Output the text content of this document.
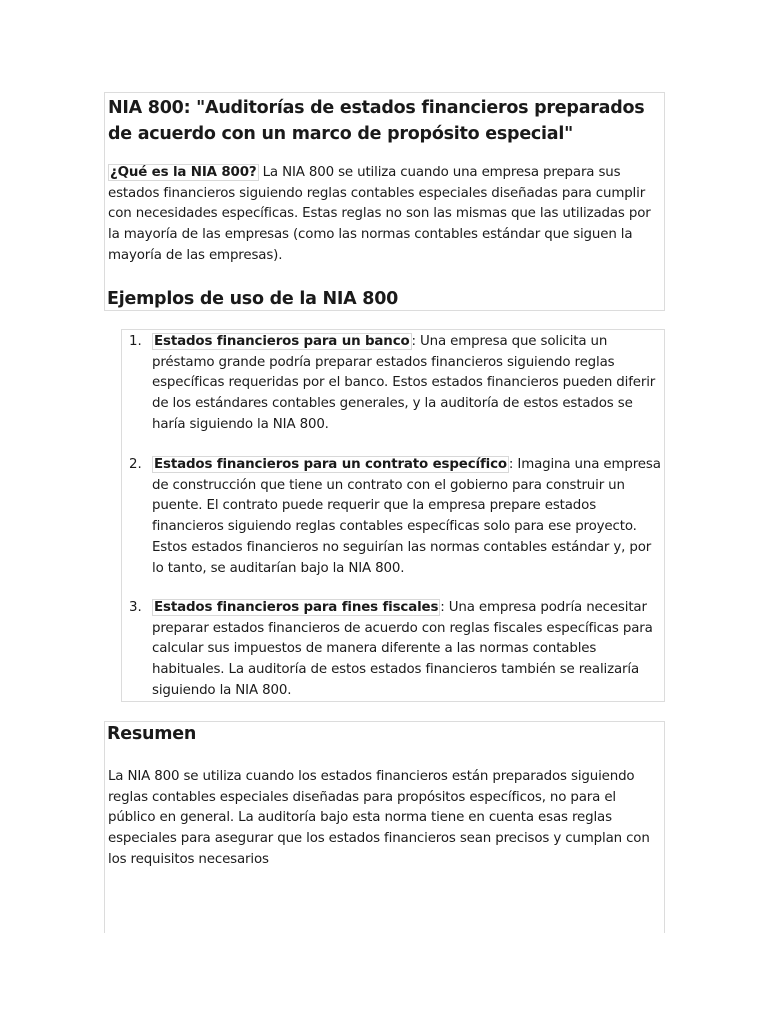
NIA 800: "Auditorías de estados financieros preparados de acuerdo con un marco de propósito especial"

¿Qué es la NIA 800? La NIA 800 se utiliza cuando una empresa prepara sus estados financieros siguiendo reglas contables especiales diseñadas para cumplir con necesidades específicas. Estas reglas no son las mismas que las utilizadas por la mayoría de las empresas (como las normas contables estándar que siguen la mayoría de las empresas).

Ejemplos de uso de la NIA 800
1. Estados financieros para un banco : Una empresa que solicita un préstamo grande podría preparar estados financieros siguiendo reglas específicas requeridas por el banco. Estos estados financieros pueden diferir de los estándares contables generales, y la auditoría de estos estados se haría siguiendo la NIA 800.

2. Estados financieros para un contrato específico : Imagina una empresa de construcción que tiene un contrato con el gobierno para construir un puente. El contrato puede requerir que la empresa prepare estados financieros siguiendo reglas contables específicas solo para ese proyecto. Estos estados financieros no seguirían las normas contables estándar y, por lo tanto, se auditarían bajo la NIA 800.

3. Estados financieros para fines fiscales : Una empresa podría necesitar preparar estados financieros de acuerdo con reglas fiscales específicas para calcular sus impuestos de manera diferente a las normas contables habituales. La auditoría de estos estados financieros también se realizaría siguiendo la NIA 800.

Resumen

La NIA 800 se utiliza cuando los estados financieros están preparados siguiendo reglas contables especiales diseñadas para propósitos específicos, no para el público en general. La auditoría bajo esta norma tiene en cuenta esas reglas especiales para asegurar que los estados financieros sean precisos y cumplan con los requisitos necesarios
